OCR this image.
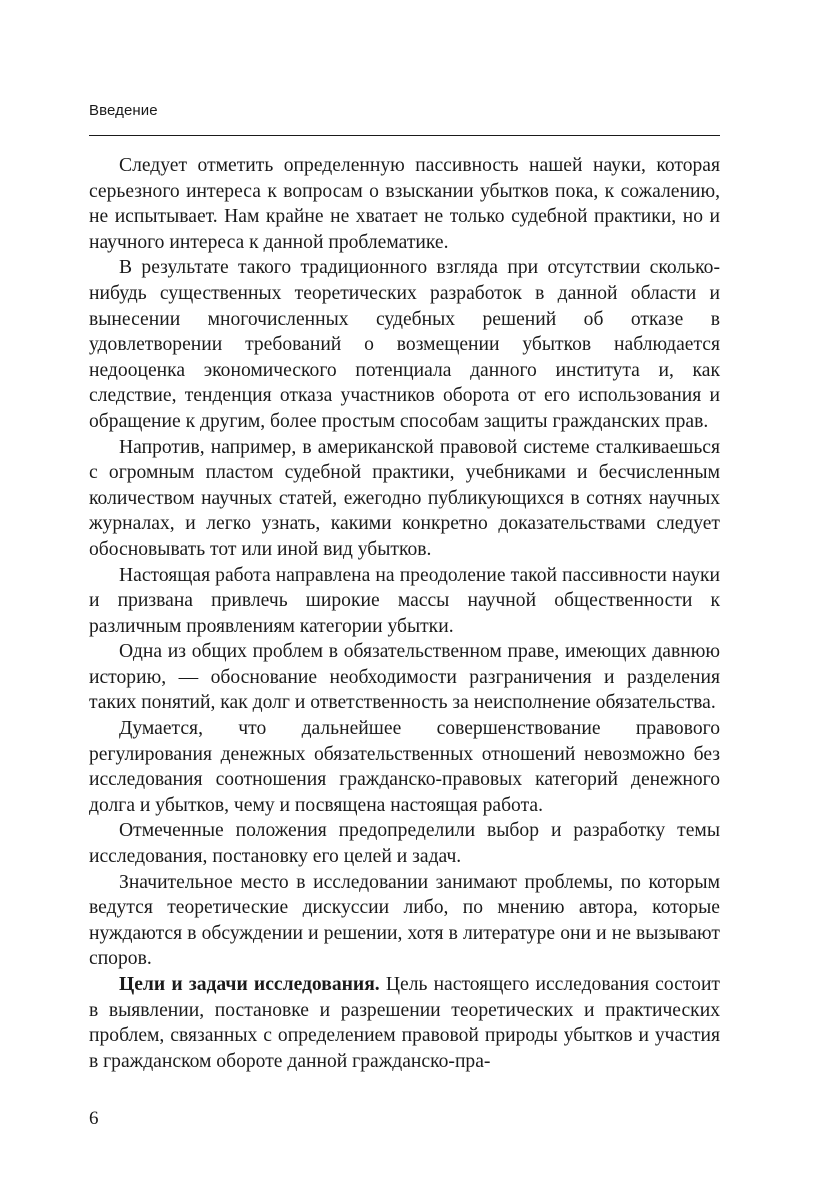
Введение

Следует отметить определенную пассивность нашей науки, которая серьезного интереса к вопросам о взыскании убытков пока, к сожалению, не испытывает. Нам крайне не хватает не только судебной практики, но и научного интереса к данной проблематике.

В результате такого традиционного взгляда при отсутствии сколько-нибудь существенных теоретических разработок в данной области и вынесении многочисленных судебных решений об отказе в удовлетворении требований о возмещении убытков наблюдается недооценка экономического потенциала данного института и, как следствие, тенденция отказа участников оборота от его использования и обращение к другим, более простым способам защиты гражданских прав.

Напротив, например, в американской правовой системе сталкиваешься с огромным пластом судебной практики, учебниками и бесчисленным количеством научных статей, ежегодно публикующихся в сотнях научных журналах, и легко узнать, какими конкретно доказательствами следует обосновывать тот или иной вид убытков.

Настоящая работа направлена на преодоление такой пассивности науки и призвана привлечь широкие массы научной общественности к различным проявлениям категории убытки.

Одна из общих проблем в обязательственном праве, имеющих давнюю историю, — обоснование необходимости разграничения и разделения таких понятий, как долг и ответственность за неисполнение обязательства.

Думается, что дальнейшее совершенствование правового регулирования денежных обязательственных отношений невозможно без исследования соотношения гражданско-правовых категорий денежного долга и убытков, чему и посвящена настоящая работа.

Отмеченные положения предопределили выбор и разработку темы исследования, постановку его целей и задач.

Значительное место в исследовании занимают проблемы, по которым ведутся теоретические дискуссии либо, по мнению автора, которые нуждаются в обсуждении и решении, хотя в литературе они и не вызывают споров.

Цели и задачи исследования. Цель настоящего исследования состоит в выявлении, постановке и разрешении теоретических и практических проблем, связанных с определением правовой природы убытков и участия в гражданском обороте данной гражданско-пра-

6
